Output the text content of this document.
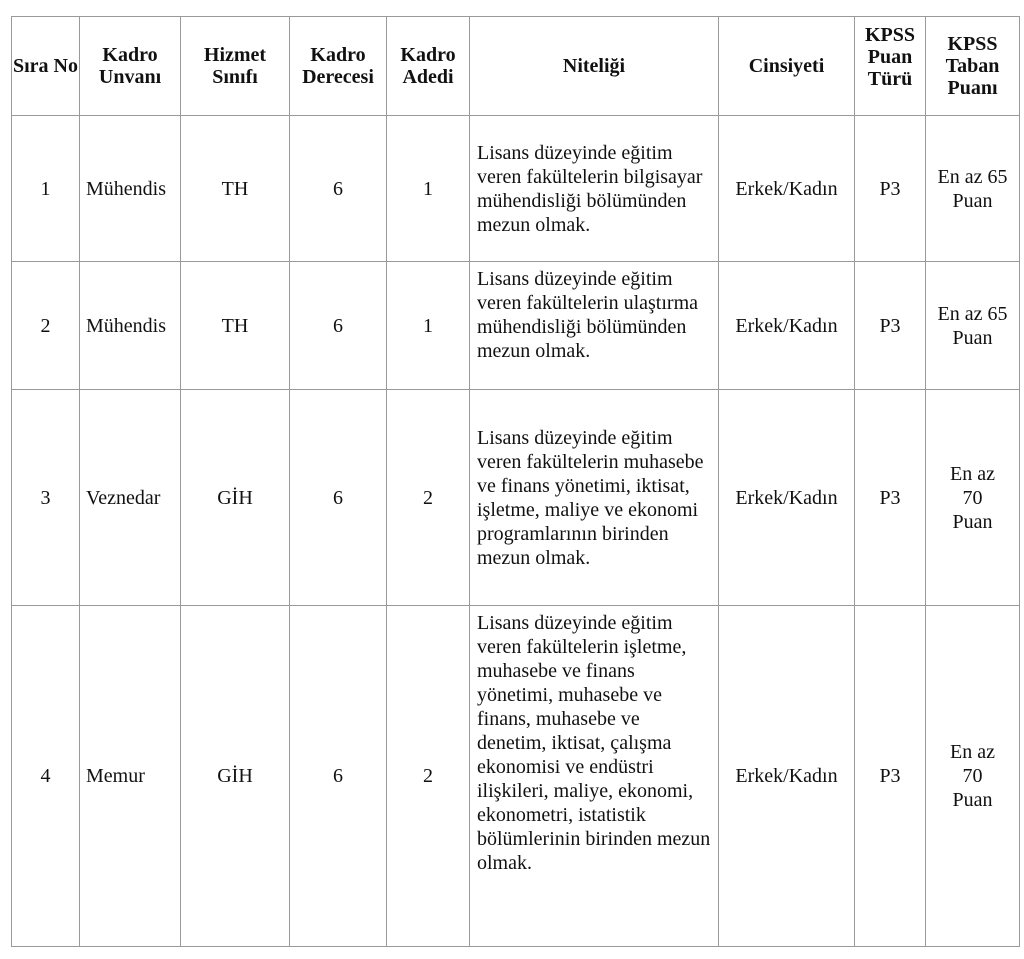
Sıra No	Kadro Unvanı	Hizmet Sınıfı	Kadro Derecesi	Kadro Adedi	Niteliği	Cinsiyeti	KPSS Puan Türü	KPSS Taban Puanı

1	Mühendis	TH	6	1	Lisans düzeyinde eğitim veren fakültelerin bilgisayar mühendisliği bölümünden mezun olmak.	Erkek/Kadın	P3	En az 65 Puan

2	Mühendis	TH	6	1	Lisans düzeyinde eğitim veren fakültelerin ulaştırma mühendisliği bölümünden mezun olmak.	Erkek/Kadın	P3	En az 65 Puan

3	Veznedar	GİH	6	2	Lisans düzeyinde eğitim veren fakültelerin muhasebe ve finans yönetimi, iktisat, işletme, maliye ve ekonomi programlarının birinden mezun olmak.	Erkek/Kadın	P3	En az 70 Puan

4	Memur	GİH	6	2	Lisans düzeyinde eğitim veren fakültelerin işletme, muhasebe ve finans yönetimi, muhasebe ve finans, muhasebe ve denetim, iktisat, çalışma ekonomisi ve endüstri ilişkileri, maliye, ekonomi, ekonometri, istatistik bölümlerinin birinden mezun olmak.	Erkek/Kadın	P3	En az 70 Puan
